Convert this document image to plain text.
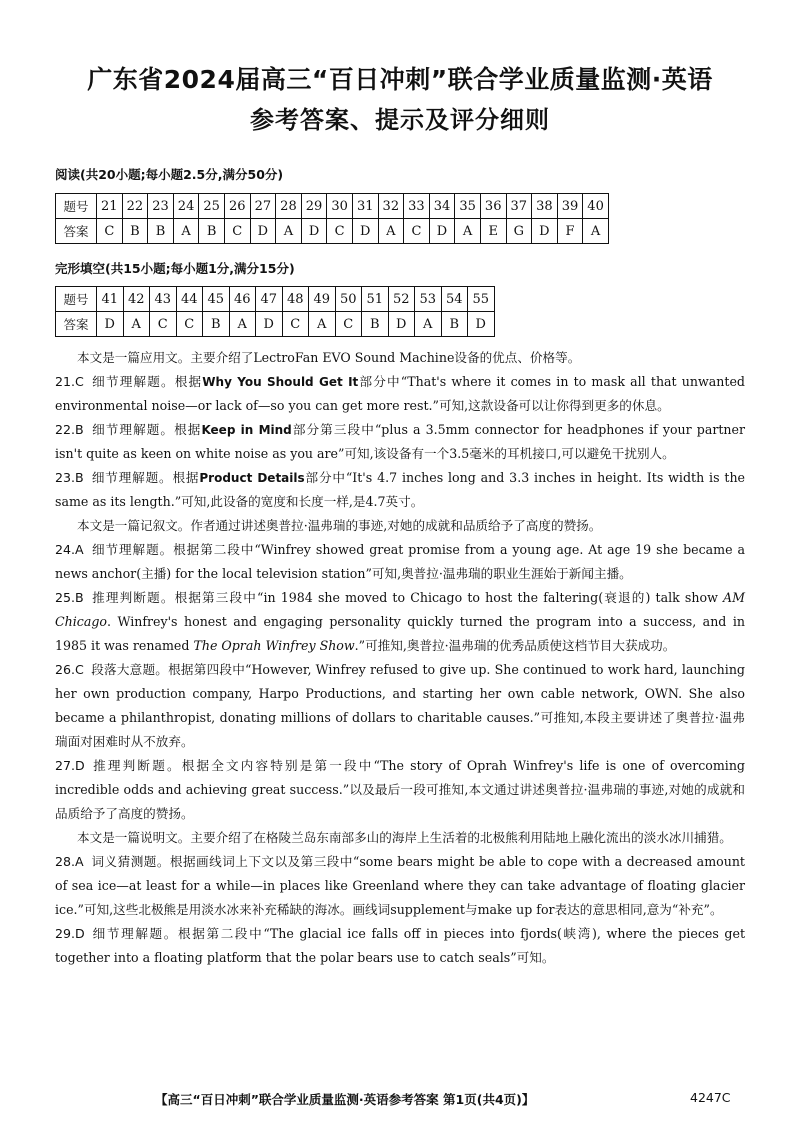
广东省2024届高三“百日冲刺”联合学业质量监测·英语
参考答案、提示及评分细则
阅读(共20小题;每小题2.5分,满分50分)
题号	21	22	23	24	25	26	27	28	29	30	31	32	33	34	35	36	37	38	39	40
答案	C	B	B	A	B	C	D	A	D	C	D	A	C	D	A	E	G	D	F	A
完形填空(共15小题;每小题1分,满分15分)
题号	41	42	43	44	45	46	47	48	49	50	51	52	53	54	55
答案	D	A	C	C	B	A	D	C	A	C	B	D	A	B	D

本文是一篇应用文。主要介绍了LectroFan EVO Sound Machine设备的优点、价格等。

21.C 细节理解题。根据Why You Should Get It部分中“That's where it comes in to mask all that unwanted environmental noise—or lack of—so you can get more rest.”可知,这款设备可以让你得到更多的休息。

22.B 细节理解题。根据Keep in Mind部分第三段中“plus a 3.5mm connector for headphones if your partner isn't quite as keen on white noise as you are”可知,该设备有一个3.5毫米的耳机接口,可以避免干扰别人。

23.B 细节理解题。根据Product Details部分中“It's 4.7 inches long and 3.3 inches in height. Its width is the same as its length.”可知,此设备的宽度和长度一样,是4.7英寸。

本文是一篇记叙文。作者通过讲述奥普拉·温弗瑞的事迹,对她的成就和品质给予了高度的赞扬。

24.A 细节理解题。根据第二段中“Winfrey showed great promise from a young age. At age 19 she became a news anchor(主播) for the local television station”可知,奥普拉·温弗瑞的职业生涯始于新闻主播。

25.B 推理判断题。根据第三段中“in 1984 she moved to Chicago to host the faltering(衰退的) talk show AM Chicago. Winfrey's honest and engaging personality quickly turned the program into a success, and in 1985 it was renamed The Oprah Winfrey Show.”可推知,奥普拉·温弗瑞的优秀品质使这档节目大获成功。

26.C 段落大意题。根据第四段中“However, Winfrey refused to give up. She continued to work hard, launching her own production company, Harpo Productions, and starting her own cable network, OWN. She also became a philanthropist, donating millions of dollars to charitable causes.”可推知,本段主要讲述了奥普拉·温弗瑞面对困难时从不放弃。

27.D 推理判断题。根据全文内容特别是第一段中“The story of Oprah Winfrey's life is one of overcoming incredible odds and achieving great success.”以及最后一段可推知,本文通过讲述奥普拉·温弗瑞的事迹,对她的成就和品质给予了高度的赞扬。

本文是一篇说明文。主要介绍了在格陵兰岛东南部多山的海岸上生活着的北极熊利用陆地上融化流出的淡水冰川捕猎。

28.A 词义猜测题。根据画线词上下文以及第三段中“some bears might be able to cope with a decreased amount of sea ice—at least for a while—in places like Greenland where they can take advantage of floating glacier ice.”可知,这些北极熊是用淡水冰来补充稀缺的海冰。画线词supplement与make up for表达的意思相同,意为“补充”。

29.D 细节理解题。根据第二段中“The glacial ice falls off in pieces into fjords(峡湾), where the pieces get together into a floating platform that the polar bears use to catch seals”可知。

【高三“百日冲刺”联合学业质量监测·英语参考答案 第1页(共4页)】	4247C
